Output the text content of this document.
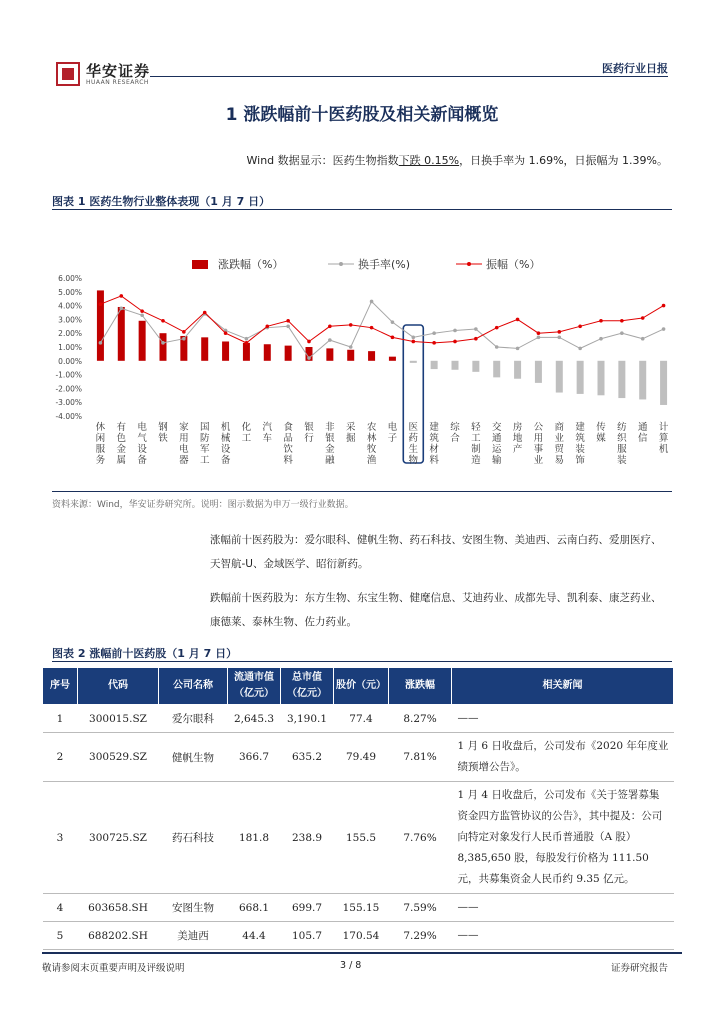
华安证券
HUAAN RESEARCH
医药行业日报
1 涨跌幅前十医药股及相关新闻概览
Wind 数据显示：医药生物指数下跌 0.15%，日换手率为 1.69%，日振幅为 1.39%。
图表 1 医药生物行业整体表现（1 月 7 日）
涨跌幅（%）	换手率(%)	振幅（%）
6.00%
5.00%
4.00%
3.00%
2.00%
1.00%
0.00%
-1.00%
-2.00%
-3.00%
-4.00%
休闲服务
有色金属
电气设备
钢铁
家用电器
国防军工
机械设备
化工
汽车
食品饮料
银行
非银金融
采掘
农林牧渔
电子
医药生物
建筑材料
综合
轻工制造
交通运输
房地产
公用事业
商业贸易
建筑装饰
传媒
纺织服装
通信
计算机
资料来源：Wind，华安证券研究所。说明：图示数据为申万一级行业数据。
涨幅前十医药股为：爱尔眼科、健帆生物、药石科技、安图生物、美迪西、云南白药、爱朋医疗、天智航-U、金域医学、昭衍新药。
跌幅前十医药股为：东方生物、东宝生物、健麾信息、艾迪药业、成都先导、凯利泰、康芝药业、康德莱、泰林生物、佐力药业。
图表 2 涨幅前十医药股（1 月 7 日）
序号	代码	公司名称	流通市值（亿元）	总市值（亿元）	股价（元）	涨跌幅	相关新闻
1	300015.SZ	爱尔眼科	2,645.3	3,190.1	77.4	8.27%	——
2	300529.SZ	健帆生物	366.7	635.2	79.49	7.81%	1 月 6 日收盘后，公司发布《2020 年年度业绩预增公告》。
3	300725.SZ	药石科技	181.8	238.9	155.5	7.76%	1 月 4 日收盘后，公司发布《关于签署募集资金四方监管协议的公告》，其中提及：公司向特定对象发行人民币普通股（A 股）8,385,650 股，每股发行价格为 111.50 元，共募集资金人民币约 9.35 亿元。
4	603658.SH	安图生物	668.1	699.7	155.15	7.59%	——
5	688202.SH	美迪西	44.4	105.7	170.54	7.29%	——
敬请参阅末页重要声明及评级说明	3 / 8	证券研究报告
